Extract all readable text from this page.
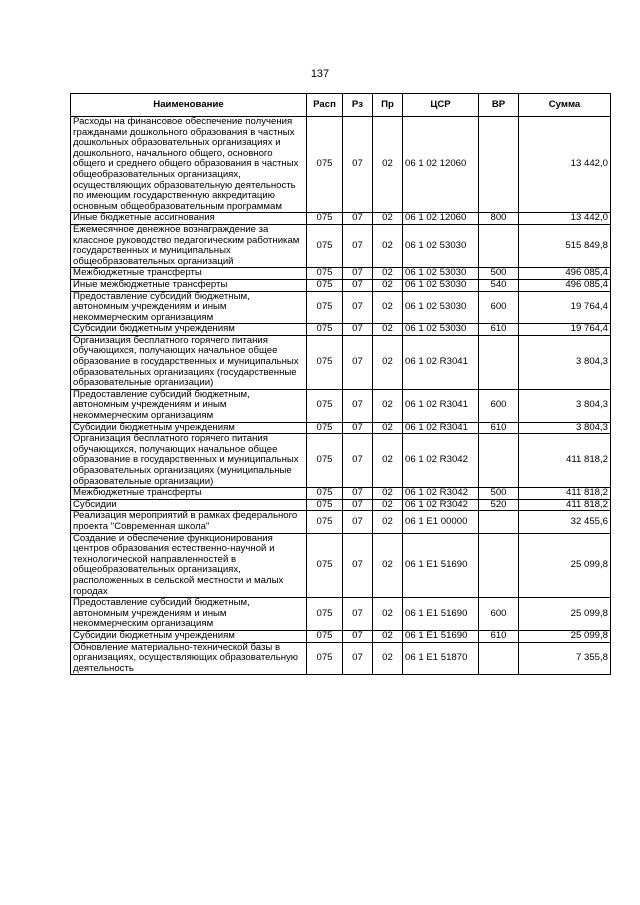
137
Наименование	Расп	Рз	Пр	ЦСР	ВР	Сумма
Расходы на финансовое обеспечение получения гражданами дошкольного образования в частных дошкольных образовательных организациях и дошкольного, начального общего, основного общего и среднего общего образования в частных общеобразовательных организациях, осуществляющих образовательную деятельность по имеющим государственную аккредитацию основным общеобразовательным программам	075	07	02	06 1 02 12060		13 442,0
Иные бюджетные ассигнования	075	07	02	06 1 02 12060	800	13 442,0
Ежемесячное денежное вознаграждение за классное руководство педагогическим работникам государственных и муниципальных общеобразовательных организаций	075	07	02	06 1 02 53030		515 849,8
Межбюджетные трансферты	075	07	02	06 1 02 53030	500	496 085,4
Иные межбюджетные трансферты	075	07	02	06 1 02 53030	540	496 085,4
Предоставление субсидий бюджетным, автономным учреждениям и иным некоммерческим организациям	075	07	02	06 1 02 53030	600	19 764,4
Субсидии бюджетным учреждениям	075	07	02	06 1 02 53030	610	19 764,4
Организация бесплатного горячего питания обучающихся, получающих начальное общее образование в государственных и муниципальных образовательных организациях (государственные образовательные организации)	075	07	02	06 1 02 R3041		3 804,3
Предоставление субсидий бюджетным, автономным учреждениям и иным некоммерческим организациям	075	07	02	06 1 02 R3041	600	3 804,3
Субсидии бюджетным учреждениям	075	07	02	06 1 02 R3041	610	3 804,3
Организация бесплатного горячего питания обучающихся, получающих начальное общее образование в государственных и муниципальных образовательных организациях (муниципальные образовательные организации)	075	07	02	06 1 02 R3042		411 818,2
Межбюджетные трансферты	075	07	02	06 1 02 R3042	500	411 818,2
Субсидии	075	07	02	06 1 02 R3042	520	411 818,2
Реализация мероприятий в рамках федерального проекта "Современная школа"	075	07	02	06 1 E1 00000		32 455,6
Создание и обеспечение функционирования центров образования естественно-научной и технологической направленностей в общеобразовательных организациях, расположенных в сельской местности и малых городах	075	07	02	06 1 E1 51690		25 099,8
Предоставление субсидий бюджетным, автономным учреждениям и иным некоммерческим организациям	075	07	02	06 1 E1 51690	600	25 099,8
Субсидии бюджетным учреждениям	075	07	02	06 1 E1 51690	610	25 099,8
Обновление материально-технической базы в организациях, осуществляющих образовательную деятельность	075	07	02	06 1 E1 51870		7 355,8
